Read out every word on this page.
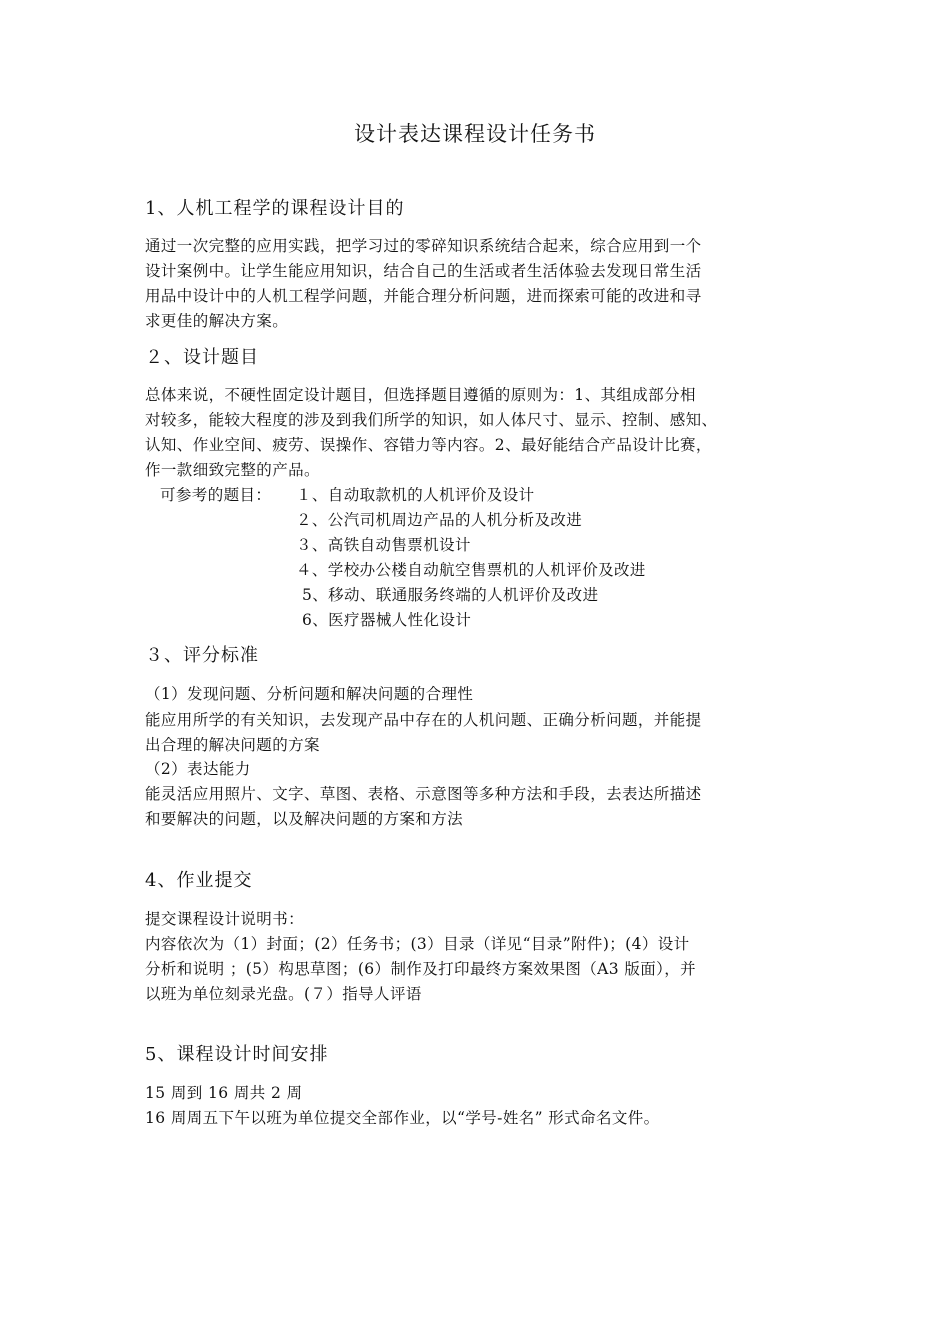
设计表达课程设计任务书
1、人机工程学的课程设计目的
通过一次完整的应用实践，把学习过的零碎知识系统结合起来，综合应用到一个
设计案例中。让学生能应用知识，结合自己的生活或者生活体验去发现日常生活
用品中设计中的人机工程学问题，并能合理分析问题，进而探索可能的改进和寻
求更佳的解决方案。
２、设计题目
总体来说，不硬性固定设计题目，但选择题目遵循的原则为：1、其组成部分相
对较多，能较大程度的涉及到我们所学的知识，如人体尺寸、显示、控制、感知、
认知、作业空间、疲劳、误操作、容错力等内容。2、最好能结合产品设计比赛，
作一款细致完整的产品。
可参考的题目： １、自动取款机的人机评价及设计
２、公汽司机周边产品的人机分析及改进
３、高铁自动售票机设计
４、学校办公楼自动航空售票机的人机评价及改进
5、移动、联通服务终端的人机评价及改进
6、医疗器械人性化设计
３、评分标准
（1）发现问题、分析问题和解决问题的合理性
能应用所学的有关知识，去发现产品中存在的人机问题、正确分析问题，并能提
出合理的解决问题的方案
（2）表达能力
能灵活应用照片、文字、草图、表格、示意图等多种方法和手段，去表达所描述
和要解决的问题，以及解决问题的方案和方法
4、作业提交
提交课程设计说明书：
内容依次为（1）封面；(2）任务书；(3）目录（详见“目录”附件)；(4）设计
分析和说明 ；(5）构思草图；(6）制作及打印最终方案效果图（A3 版面），并
以班为单位刻录光盘。(７）指导人评语
5、课程设计时间安排
15 周到 16 周共 2 周
16 周周五下午以班为单位提交全部作业，以“学号-姓名” 形式命名文件。
